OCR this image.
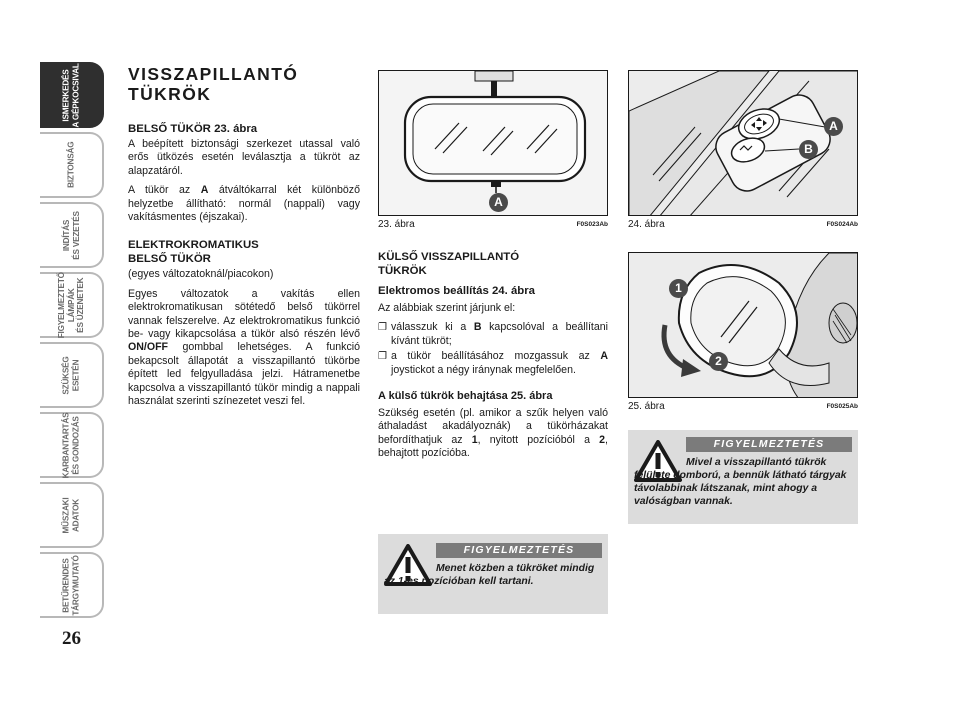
ISMERKEDÉS
A GÉPKOCSIVAL
BIZTONSÁG
INDÍTÁS
ÉS VEZETÉS
FIGYELMEZTETŐ
LÁMPÁK
ÉS ÜZENETEK
SZÜKSÉG
ESETÉN
KARBANTARTÁS
ÉS GONDOZÁS
MŰSZAKI
ADATOK
BETŰRENDES
TÁRGYMUTATÓ
26
VISSZAPILLANTÓ
TÜKRÖK
BELSŐ TÜKÖR 23. ábra

A beépített biztonsági szerkezet utassal való erős ütközés esetén leválasztja a tükröt az alapzatáról.

A tükör az A átváltókarral két különböző helyzetbe állítható: normál (nappali) vagy vakításmentes (éjszakai).

ELEKTROKROMATIKUS
BELSŐ TÜKÖR

(egyes változatoknál/piacokon)

Egyes változatok a vakítás ellen elektrokromatikusan sötétedő belső tükörrel vannak felszerelve. Az elektrokromatikus funkció be- vagy kikapcsolása a tükör alsó részén lévő ON/OFF gombbal lehetséges. A funkció bekapcsolt állapotát a visszapillantó tükörbe épített led felgyulladása jelzi. Hátramenetbe kapcsolva a visszapillantó tükör mindig a nappali használat szerinti színezetet veszi fel.

A
23. ábra	F0S023Ab
KÜLSŐ VISSZAPILLANTÓ
TÜKRÖK
Elektromos beállítás 24. ábra

Az alábbiak szerint járjunk el:

❐ válasszuk ki a B kapcsolóval a beállítani kívánt tükröt;
❐ a tükör beállításához mozgassuk az A joystickot a négy iránynak megfelelően.
A külső tükrök behajtása 25. ábra

Szükség esetén (pl. amikor a szűk helyen való áthaladást akadályoznák) a tükörházakat befordíthatjuk az 1, nyitott pozícióból a 2, behajtott pozícióba.

FIGYELMEZTETÉS
Menet közben a tükröket mindig az 1-es pozícióban kell tartani.
A
B
24. ábra	F0S024Ab
1
2
25. ábra	F0S025Ab
FIGYELMEZTETÉS
Mivel a visszapillantó tükrök felülete domború, a bennük látható tárgyak távolabbinak látszanak, mint ahogy a valóságban vannak.
